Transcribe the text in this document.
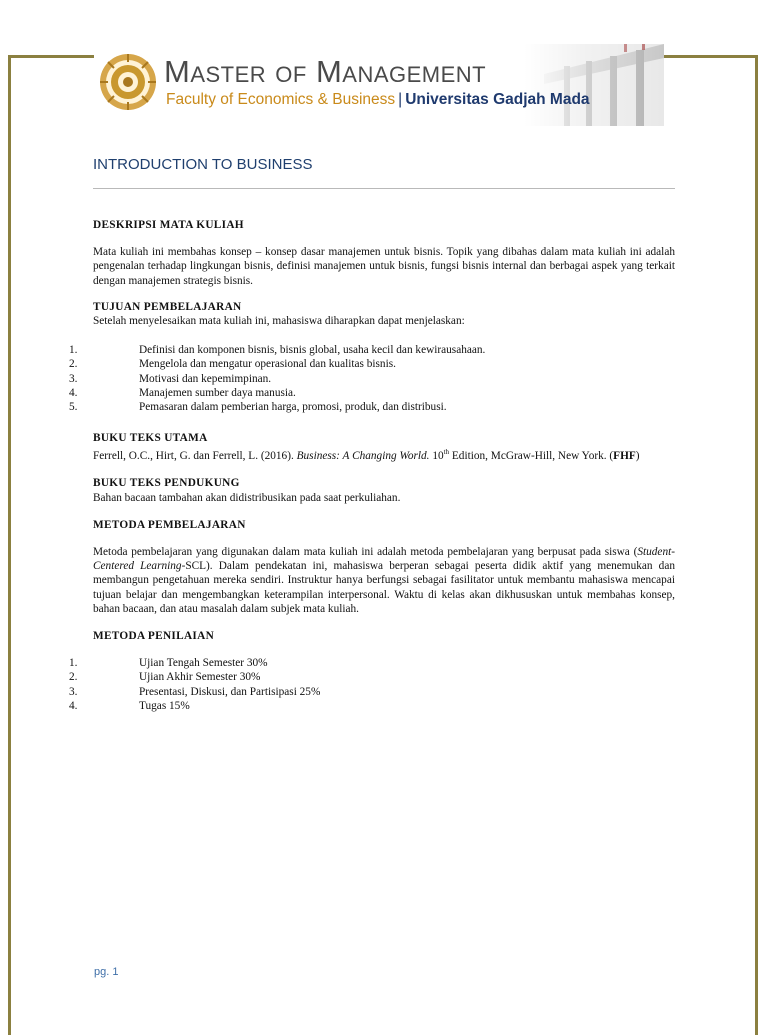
Master of Management
Faculty of Economics & Business | Universitas Gadjah Mada
INTRODUCTION TO BUSINESS

DESKRIPSI MATA KULIAH

Mata kuliah ini membahas konsep – konsep dasar manajemen untuk bisnis. Topik yang dibahas dalam mata kuliah ini adalah pengenalan terhadap lingkungan bisnis, definisi manajemen untuk bisnis, fungsi bisnis internal dan berbagai aspek yang terkait dengan manajemen strategis bisnis.

TUJUAN PEMBELAJARAN

Setelah menyelesaikan mata kuliah ini, mahasiswa diharapkan dapat menjelaskan:

1.	Definisi dan komponen bisnis, bisnis global, usaha kecil dan kewirausahaan.
2.	Mengelola dan mengatur operasional dan kualitas bisnis.
3.	Motivasi dan kepemimpinan.
4.	Manajemen sumber daya manusia.
5.	Pemasaran dalam pemberian harga, promosi, produk, dan distribusi.

BUKU TEKS UTAMA

Ferrell, O.C., Hirt, G. dan Ferrell, L. (2016). Business: A Changing World. 10th Edition, McGraw-Hill, New York. (FHF)

BUKU TEKS PENDUKUNG

Bahan bacaan tambahan akan didistribusikan pada saat perkuliahan.

METODA PEMBELAJARAN

Metoda pembelajaran yang digunakan dalam mata kuliah ini adalah metoda pembelajaran yang berpusat pada siswa (Student-Centered Learning-SCL). Dalam pendekatan ini, mahasiswa berperan sebagai peserta didik aktif yang menemukan dan membangun pengetahuan mereka sendiri. Instruktur hanya berfungsi sebagai fasilitator untuk membantu mahasiswa mencapai tujuan belajar dan mengembangkan keterampilan interpersonal. Waktu di kelas akan dikhususkan untuk membahas konsep, bahan bacaan, dan atau masalah dalam subjek mata kuliah.

METODA PENILAIAN

1.	Ujian Tengah Semester 30%
2.	Ujian Akhir Semester 30%
3.	Presentasi, Diskusi, dan Partisipasi 25%
4.	Tugas 15%
pg. 1
